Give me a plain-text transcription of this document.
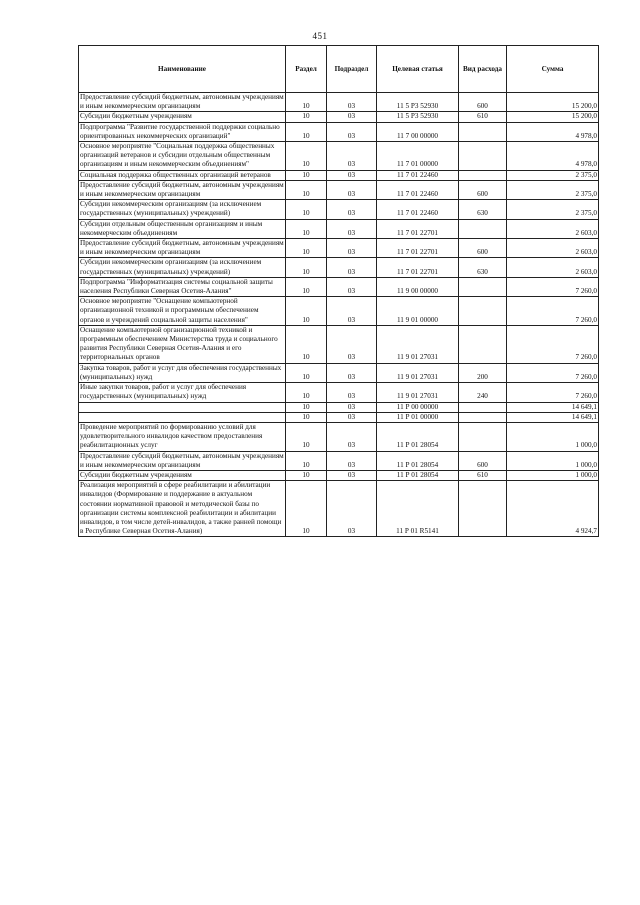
451
Наименование	Раздел	Подраздел	Целевая статья	Вид расхода	Сумма
Предоставление субсидий бюджетным, автономным учреждениям и иным некоммерческим организациям	10	03	11 5 Р3 52930	600	15 200,0
Субсидии бюджетным учреждениям	10	03	11 5 Р3 52930	610	15 200,0
Подпрограмма "Развитие государственной поддержки социально ориентированных некоммерческих организаций"	10	03	11 7 00 00000		4 978,0
Основное мероприятие "Социальная поддержка общественных организаций ветеранов и субсидии отдельным общественным организациям и иным некоммерческим объединениям"	10	03	11 7 01 00000		4 978,0
Социальная поддержка общественных организаций ветеранов	10	03	11 7 01 22460		2 375,0
Предоставление субсидий бюджетным, автономным учреждениям и иным некоммерческим организациям	10	03	11 7 01 22460	600	2 375,0
Субсидии некоммерческим организациям (за исключением государственных (муниципальных) учреждений)	10	03	11 7 01 22460	630	2 375,0
Субсидии отдельным общественным организациям и иным некоммерческим объединениям	10	03	11 7 01 22701		2 603,0
Предоставление субсидий бюджетным, автономным учреждениям и иным некоммерческим организациям	10	03	11 7 01 22701	600	2 603,0
Субсидии некоммерческим организациям (за исключением государственных (муниципальных) учреждений)	10	03	11 7 01 22701	630	2 603,0
Подпрограмма "Информатизация системы социальной защиты населения Республики Северная Осетия-Алания"	10	03	11 9 00 00000		7 260,0
Основное мероприятие "Оснащение компьютерной организационной техникой и программным обеспечением органов и учреждений социальной защиты населения"	10	03	11 9 01 00000		7 260,0
Оснащение компьютерной организационной техникой и программным обеспечением Министерства труда и социального развития Республики Северная Осетия-Алания и его территориальных органов	10	03	11 9 01 27031		7 260,0
Закупка товаров, работ и услуг для обеспечения государственных (муниципальных) нужд	10	03	11 9 01 27031	200	7 260,0
Иные закупки товаров, работ и услуг для обеспечения государственных (муниципальных) нужд	10	03	11 9 01 27031	240	7 260,0
	10	03	11 Р 00 00000		14 649,1
	10	03	11 Р 01 00000		14 649,1
Проведение мероприятий по формированию условий для удовлетворительного инвалидов качеством предоставления реабилитационных услуг	10	03	11 Р 01 28054		1 000,0
Предоставление субсидий бюджетным, автономным учреждениям и иным некоммерческим организациям	10	03	11 Р 01 28054	600	1 000,0
Субсидии бюджетным учреждениям	10	03	11 Р 01 28054	610	1 000,0
Реализация мероприятий в сфере реабилитации и абилитации инвалидов (Формирование и поддержание в актуальном состоянии нормативной правовой и методической базы по организации системы комплексной реабилитации и абилитации инвалидов, в том числе детей-инвалидов, а также ранней помощи в Республике Северная Осетия-Алания)	10	03	11 Р 01 R5141		4 924,7
